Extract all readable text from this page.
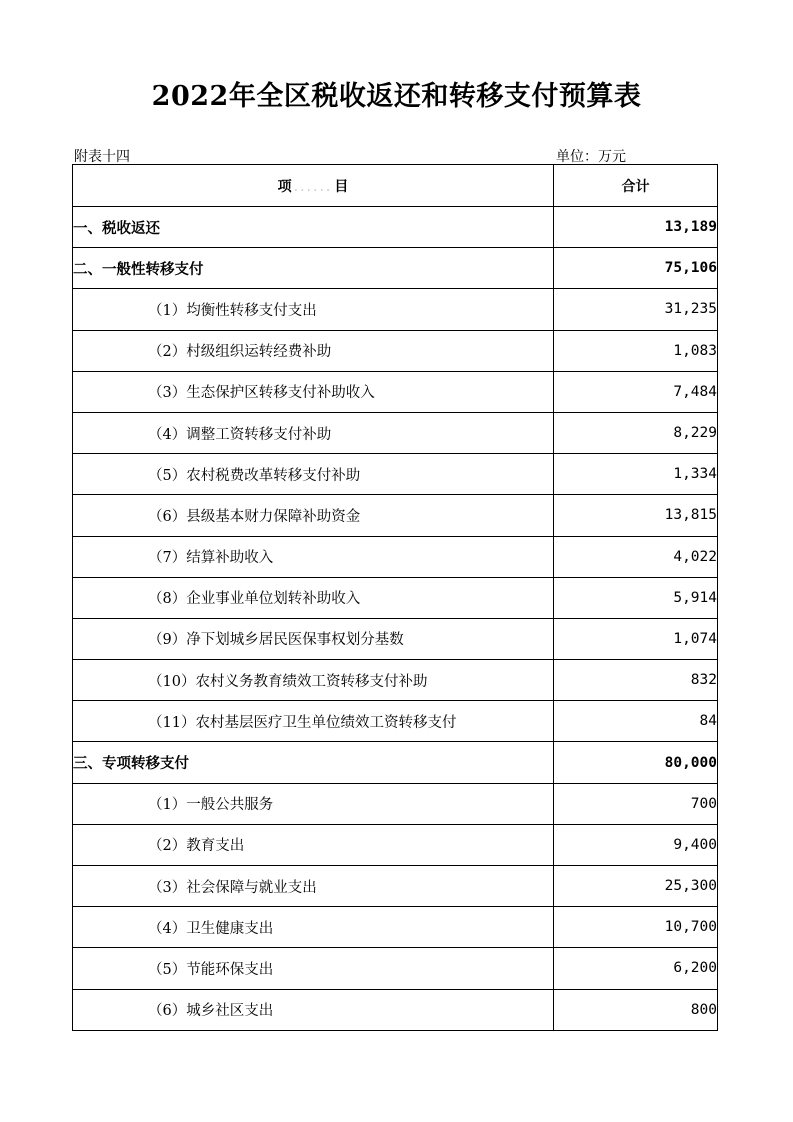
2022年全区税收返还和转移支付预算表
附表十四	单位：万元
项 ...... 目	合计
一、税收返还	13,189
二、一般性转移支付	75,106
（1）均衡性转移支付支出	31,235
（2）村级组织运转经费补助	1,083
（3）生态保护区转移支付补助收入	7,484
（4）调整工资转移支付补助	8,229
（5）农村税费改革转移支付补助	1,334
（6）县级基本财力保障补助资金	13,815
（7）结算补助收入	4,022
（8）企业事业单位划转补助收入	5,914
（9）净下划城乡居民医保事权划分基数	1,074
（10）农村义务教育绩效工资转移支付补助	832
（11）农村基层医疗卫生单位绩效工资转移支付	84
三、专项转移支付	80,000
（1）一般公共服务	700
（2）教育支出	9,400
（3）社会保障与就业支出	25,300
（4）卫生健康支出	10,700
（5）节能环保支出	6,200
（6）城乡社区支出	800
